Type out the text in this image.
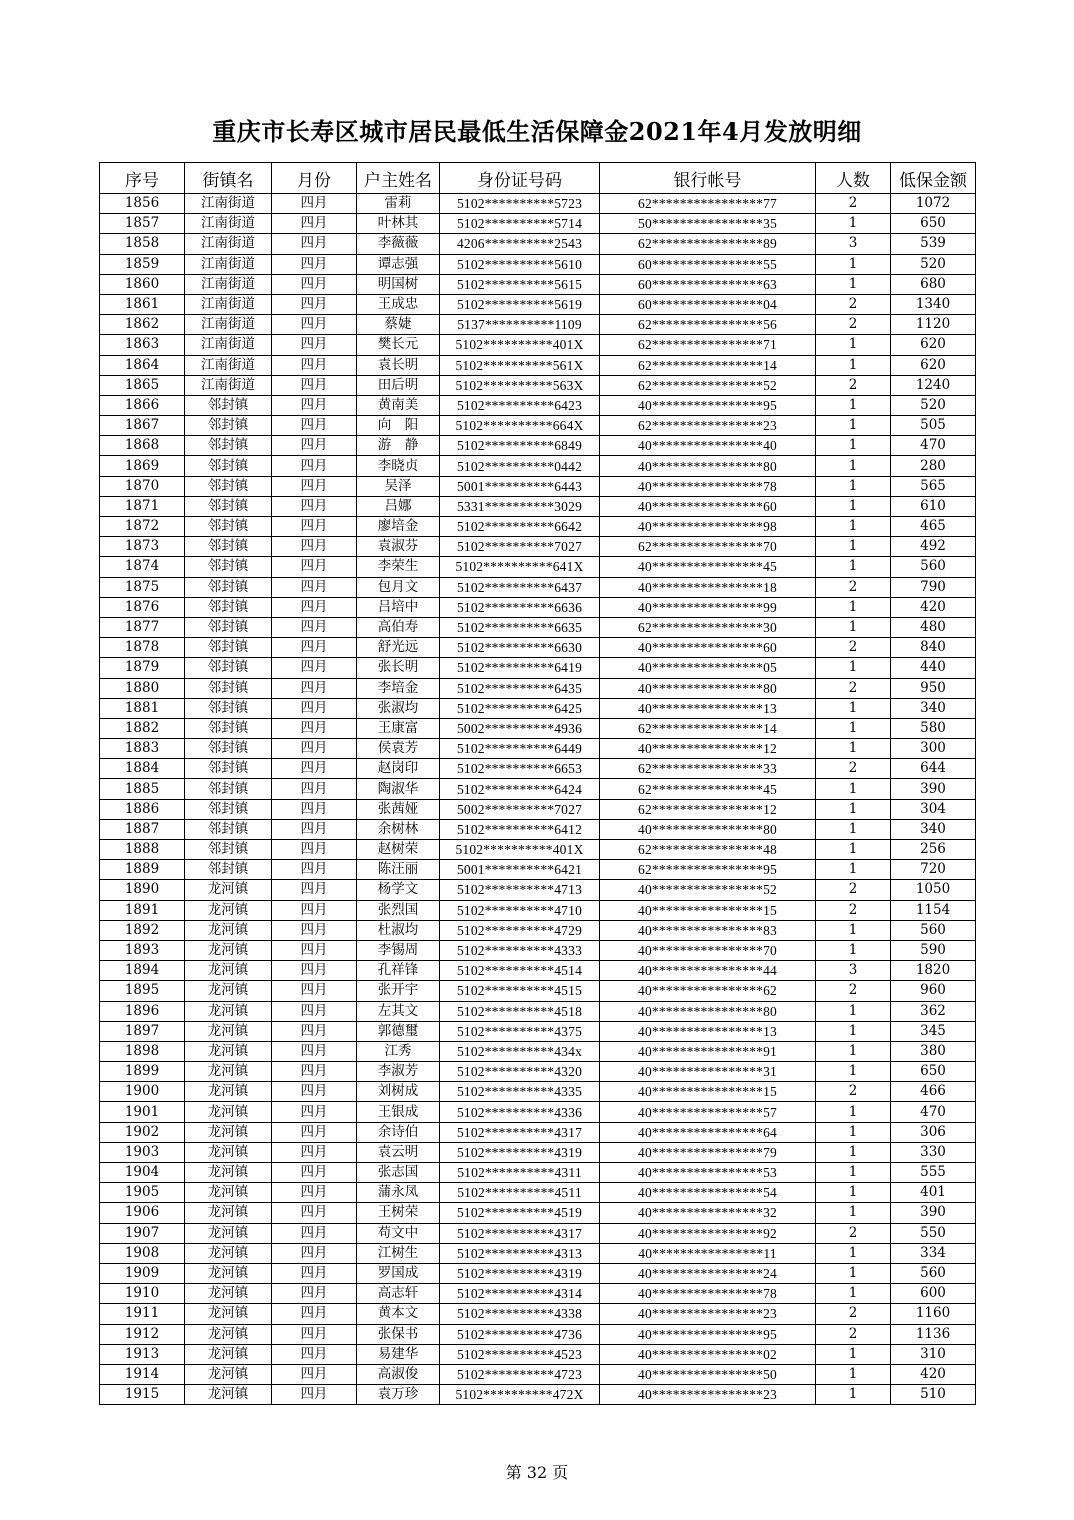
重庆市长寿区城市居民最低生活保障金2021年4月发放明细
序号	街镇名	月份	户主姓名	身份证号码	银行帐号	人数	低保金额
1856	江南街道	四月	雷莉	5102**********5723	62****************77	2	1072
1857	江南街道	四月	叶林其	5102**********5714	50****************35	1	650
1858	江南街道	四月	李薇薇	4206**********2543	62****************89	3	539
1859	江南街道	四月	谭志强	5102**********5610	60****************55	1	520
1860	江南街道	四月	明国树	5102**********5615	60****************63	1	680
1861	江南街道	四月	王成忠	5102**********5619	60****************04	2	1340
1862	江南街道	四月	蔡婕	5137**********1109	62****************56	2	1120
1863	江南街道	四月	樊长元	5102**********401X	62****************71	1	620
1864	江南街道	四月	袁长明	5102**********561X	62****************14	1	620
1865	江南街道	四月	田后明	5102**********563X	62****************52	2	1240
1866	邻封镇	四月	黄南美	5102**********6423	40****************95	1	520
1867	邻封镇	四月	向　阳	5102**********664X	62****************23	1	505
1868	邻封镇	四月	游　静	5102**********6849	40****************40	1	470
1869	邻封镇	四月	李晓贞	5102**********0442	40****************80	1	280
1870	邻封镇	四月	吴泽	5001**********6443	40****************78	1	565
1871	邻封镇	四月	吕娜	5331**********3029	40****************60	1	610
1872	邻封镇	四月	廖培金	5102**********6642	40****************98	1	465
1873	邻封镇	四月	袁淑芬	5102**********7027	62****************70	1	492
1874	邻封镇	四月	李荣生	5102**********641X	40****************45	1	560
1875	邻封镇	四月	包月文	5102**********6437	40****************18	2	790
1876	邻封镇	四月	吕培中	5102**********6636	40****************99	1	420
1877	邻封镇	四月	高伯寿	5102**********6635	62****************30	1	480
1878	邻封镇	四月	舒光远	5102**********6630	40****************60	2	840
1879	邻封镇	四月	张长明	5102**********6419	40****************05	1	440
1880	邻封镇	四月	李培金	5102**********6435	40****************80	2	950
1881	邻封镇	四月	张淑均	5102**********6425	40****************13	1	340
1882	邻封镇	四月	王康富	5002**********4936	62****************14	1	580
1883	邻封镇	四月	侯袁芳	5102**********6449	40****************12	1	300
1884	邻封镇	四月	赵岗印	5102**********6653	62****************33	2	644
1885	邻封镇	四月	陶淑华	5102**********6424	62****************45	1	390
1886	邻封镇	四月	张茜娅	5002**********7027	62****************12	1	304
1887	邻封镇	四月	余树林	5102**********6412	40****************80	1	340
1888	邻封镇	四月	赵树荣	5102**********401X	62****************48	1	256
1889	邻封镇	四月	陈汪丽	5001**********6421	62****************95	1	720
1890	龙河镇	四月	杨学文	5102**********4713	40****************52	2	1050
1891	龙河镇	四月	张烈国	5102**********4710	40****************15	2	1154
1892	龙河镇	四月	杜淑均	5102**********4729	40****************83	1	560
1893	龙河镇	四月	李锡周	5102**********4333	40****************70	1	590
1894	龙河镇	四月	孔祥锋	5102**********4514	40****************44	3	1820
1895	龙河镇	四月	张开宇	5102**********4515	40****************62	2	960
1896	龙河镇	四月	左其文	5102**********4518	40****************80	1	362
1897	龙河镇	四月	郭德璽	5102**********4375	40****************13	1	345
1898	龙河镇	四月	江秀	5102**********434x	40****************91	1	380
1899	龙河镇	四月	李淑芳	5102**********4320	40****************31	1	650
1900	龙河镇	四月	刘树成	5102**********4335	40****************15	2	466
1901	龙河镇	四月	王银成	5102**********4336	40****************57	1	470
1902	龙河镇	四月	余诗伯	5102**********4317	40****************64	1	306
1903	龙河镇	四月	袁云明	5102**********4319	40****************79	1	330
1904	龙河镇	四月	张志国	5102**********4311	40****************53	1	555
1905	龙河镇	四月	蒲永凤	5102**********4511	40****************54	1	401
1906	龙河镇	四月	王树荣	5102**********4519	40****************32	1	390
1907	龙河镇	四月	苟文中	5102**********4317	40****************92	2	550
1908	龙河镇	四月	江树生	5102**********4313	40****************11	1	334
1909	龙河镇	四月	罗国成	5102**********4319	40****************24	1	560
1910	龙河镇	四月	高志轩	5102**********4314	40****************78	1	600
1911	龙河镇	四月	黄本文	5102**********4338	40****************23	2	1160
1912	龙河镇	四月	张保书	5102**********4736	40****************95	2	1136
1913	龙河镇	四月	易建华	5102**********4523	40****************02	1	310
1914	龙河镇	四月	高淑俊	5102**********4723	40****************50	1	420
1915	龙河镇	四月	袁万珍	5102**********472X	40****************23	1	510
第 32 页
